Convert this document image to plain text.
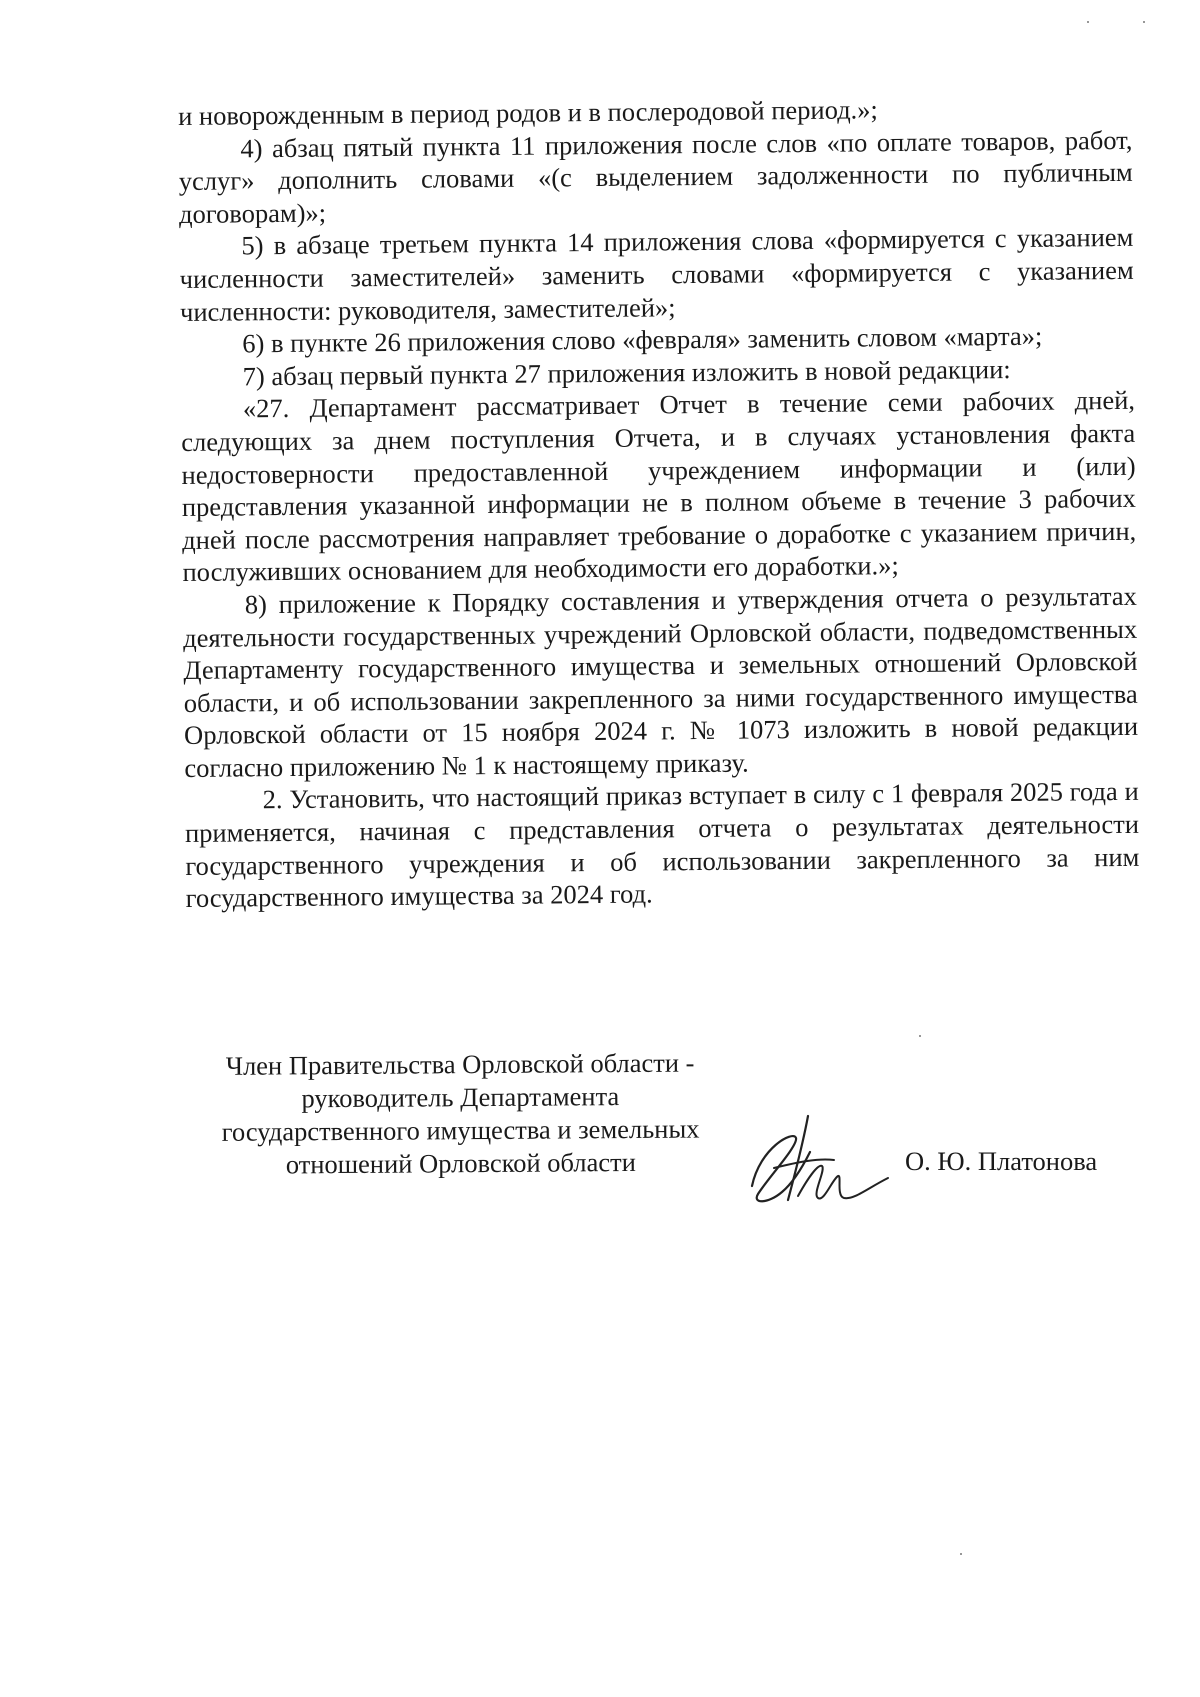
и новорожденным в период родов и в послеродовой период.»;

4) абзац пятый пункта 11 приложения после слов «по оплате товаров, работ, услуг» дополнить словами «(с выделением задолженности по публичным договорам)»;

5) в абзаце третьем пункта 14 приложения слова «формируется с указанием численности заместителей» заменить словами «формируется с указанием численности: руководителя, заместителей»;

6) в пункте 26 приложения слово «февраля» заменить словом «марта»;

7) абзац первый пункта 27 приложения изложить в новой редакции:

«27. Департамент рассматривает Отчет в течение семи рабочих дней, следующих за днем поступления Отчета, и в случаях установления факта недостоверности предоставленной учреждением информации и (или) представления указанной информации не в полном объеме в течение 3 рабочих дней после рассмотрения направляет требование о доработке с указанием причин, послуживших основанием для необходимости его доработки.»;

8) приложение к Порядку составления и утверждения отчета о результатах деятельности государственных учреждений Орловской области, подведомственных Департаменту государственного имущества и земельных отношений Орловской области, и об использовании закрепленного за ними государственного имущества Орловской области от 15 ноября 2024 г. № 1073 изложить в новой редакции согласно приложению № 1 к настоящему приказу.

2. Установить, что настоящий приказ вступает в силу с 1 февраля 2025 года и применяется, начиная с представления отчета о результатах деятельности государственного учреждения и об использовании закрепленного за ним государственного имущества за 2024 год.

Член Правительства Орловской области -
руководитель Департамента
государственного имущества и земельных
отношений Орловской области	О. Ю. Платонова
